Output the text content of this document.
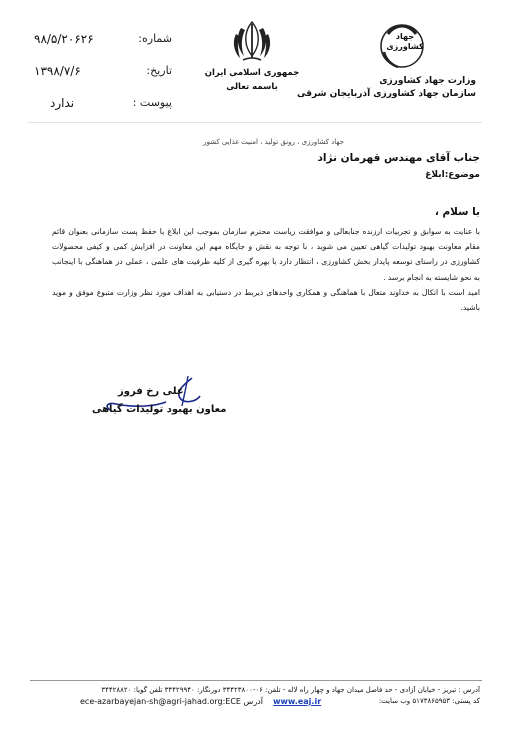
۹۸/۵/۲۰۶۲۶	شماره:
۱۳۹۸/۷/۶	تاریخ:
ندارد	پیوست :
جمهوری اسلامی ایران
باسمه تعالی
جهاد
کشاورزی
وزارت جهاد کشاورزی
سازمان جهاد کشاورزی آذربایجان شرقی
جهاد کشاورزی ، رونق تولید ، امنیت غذایی کشور
جناب آقای مهندس قهرمان نژاد
موضوع:ابلاغ
با سلام ،

با عنایت به سوابق و تجربیات ارزنده جنابعالی و موافقت ریاست محترم سازمان بموجب این ابلاغ با حفظ پست سازمانی بعنوان قائم مقام معاونت بهبود تولیدات گیاهی تعیین می شوید ، با توجه به نقش و جایگاه مهم این معاونت در افزایش کمی و کیفی محصولات کشاورزی در راستای توسعه پایدار بخش کشاورزی ، انتظار دارد با بهره گیری از کلیه ظرفیت های علمی ، عملی در هماهنگی با اینجانب به نحو شایسته به انجام برسد .

امید است با اتکال به خداوند متعال با هماهنگی و همکاری واحدهای ذیربط در دستیابی به اهداف مورد نظر وزارت متبوع موفق و موید باشید.

علی رخ فروز
معاون بهبود تولیدات گیاهی
آدرس : تبریز - خیابان آزادی - حد فاصل میدان جهاد و چهار راه لاله - تلفن: ۰۶-۳۴۴۲۳۸۰۰ دورنگار: ۳۴۴۲۹۹۴۰ تلفن گویا: ۳۴۴۲۸۸۲۰
کد پستی: ۵۱۷۳۸۶۵۹۵۳ وب سایت:
ece-azarbayejan-sh@agri-jahad.org:ECE آدرس www.eaj.ir
